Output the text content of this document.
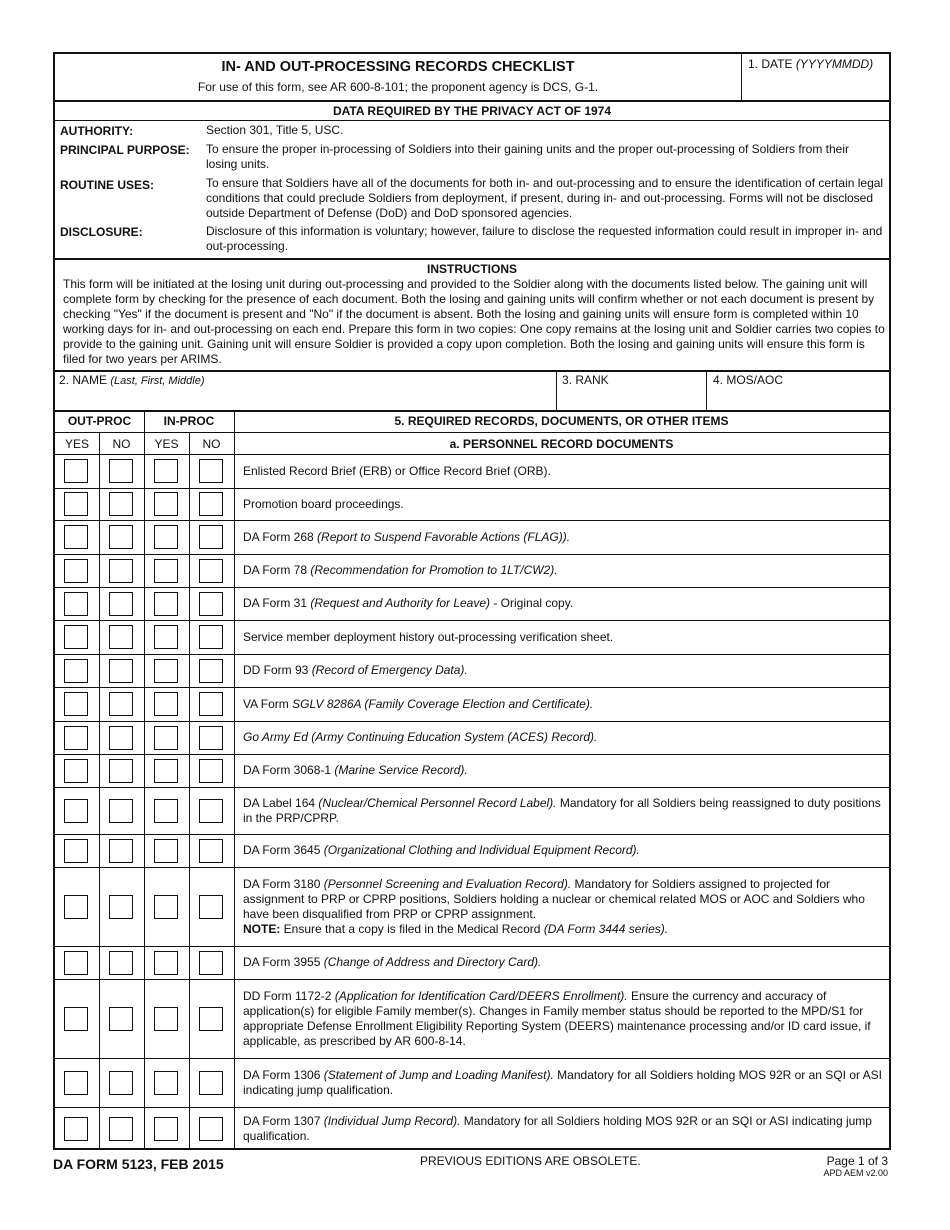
IN- AND OUT-PROCESSING RECORDS CHECKLIST
For use of this form, see AR 600-8-101; the proponent agency is DCS, G-1.
1. DATE (YYYYMMDD)
DATA REQUIRED BY THE PRIVACY ACT OF 1974
AUTHORITY:	Section 301, Title 5, USC.
PRINCIPAL PURPOSE: To ensure the proper in-processing of Soldiers into their gaining units and the proper out-processing of Soldiers from their losing units.
ROUTINE USES:	To ensure that Soldiers have all of the documents for both in- and out-processing and to ensure the identification of certain legal conditions that could preclude Soldiers from deployment, if present, during in- and out-processing. Forms will not be disclosed outside Department of Defense (DoD) and DoD sponsored agencies.
DISCLOSURE:	Disclosure of this information is voluntary; however, failure to disclose the requested information could result in improper in- and out-processing.
INSTRUCTIONS
This form will be initiated at the losing unit during out-processing and provided to the Soldier along with the documents listed below. The gaining unit will complete form by checking for the presence of each document. Both the losing and gaining units will confirm whether or not each document is present by checking "Yes" if the document is present and "No" if the document is absent. Both the losing and gaining units will ensure form is completed within 10 working days for in- and out-processing on each end. Prepare this form in two copies: One copy remains at the losing unit and Soldier carries two copies to provide to the gaining unit. Gaining unit will ensure Soldier is provided a copy upon completion. Both the losing and gaining units will ensure this form is filed for two years per ARIMS.
2. NAME (Last, First, Middle)	3. RANK	4. MOS/AOC
OUT-PROC	IN-PROC	5. REQUIRED RECORDS, DOCUMENTS, OR OTHER ITEMS
YES	NO	YES	NO	a. PERSONNEL RECORD DOCUMENTS
Enlisted Record Brief (ERB) or Office Record Brief (ORB).
Promotion board proceedings.
DA Form 268 (Report to Suspend Favorable Actions (FLAG)).
DA Form 78 (Recommendation for Promotion to 1LT/CW2).
DA Form 31 (Request and Authority for Leave) - Original copy.
Service member deployment history out-processing verification sheet.
DD Form 93 (Record of Emergency Data).
VA Form SGLV 8286A (Family Coverage Election and Certificate).
Go Army Ed (Army Continuing Education System (ACES) Record).
DA Form 3068-1 (Marine Service Record).
DA Label 164 (Nuclear/Chemical Personnel Record Label). Mandatory for all Soldiers being reassigned to duty positions in the PRP/CPRP.
DA Form 3645 (Organizational Clothing and Individual Equipment Record).
DA Form 3180 (Personnel Screening and Evaluation Record). Mandatory for Soldiers assigned to projected for assignment to PRP or CPRP positions, Soldiers holding a nuclear or chemical related MOS or AOC and Soldiers who have been disqualified from PRP or CPRP assignment.
NOTE: Ensure that a copy is filed in the Medical Record (DA Form 3444 series).
DA Form 3955 (Change of Address and Directory Card).
DD Form 1172-2 (Application for Identification Card/DEERS Enrollment). Ensure the currency and accuracy of application(s) for eligible Family member(s). Changes in Family member status should be reported to the MPD/S1 for appropriate Defense Enrollment Eligibility Reporting System (DEERS) maintenance processing and/or ID card issue, if applicable, as prescribed by AR 600-8-14.
DA Form 1306 (Statement of Jump and Loading Manifest). Mandatory for all Soldiers holding MOS 92R or an SQI or ASI indicating jump qualification.
DA Form 1307 (Individual Jump Record). Mandatory for all Soldiers holding MOS 92R or an SQI or ASI indicating jump qualification.
DA FORM 5123, FEB 2015	PREVIOUS EDITIONS ARE OBSOLETE.	Page 1 of 3
APD AEM v2.00
